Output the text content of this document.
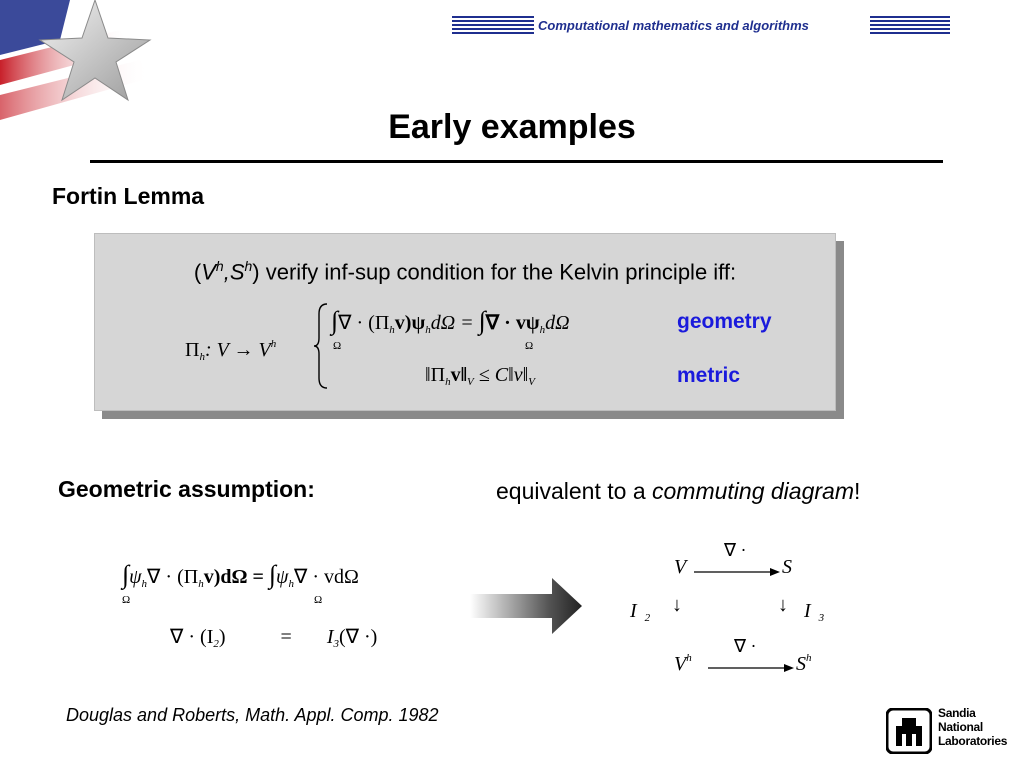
Computational mathematics and algorithms
Early examples
Fortin Lemma
$(V^h,S^h)$ verify inf-sup condition for the Kelvin principle iff:
$\Pi_h$: $V \to V^h$
∫∇ · $(\Pi_hv)\psi_hd\Omega$ = ∫∇ · $v\psi_hd\Omega$
Ω	Ω
$‖\Pi_hv‖_V$ ≤ $C‖v‖_V$
geometry
metric
Geometric assumption:	equivalent to a commuting diagram!
$\int\psi_h\nabla \cdot (\Pi_hv)d\Omega = \int\psi_h\nabla \cdot vd\Omega$
Ω	Ω
∇ · $(I_2)$	= $I_3(\nabla$ ·)
∇ ·
V	S
I $_2$
↓	↓ I $_3$
∇ ·
$V^h$	$S^h$
Douglas and Roberts, Math. Appl. Comp. 1982	Sandia
National
Laboratories
